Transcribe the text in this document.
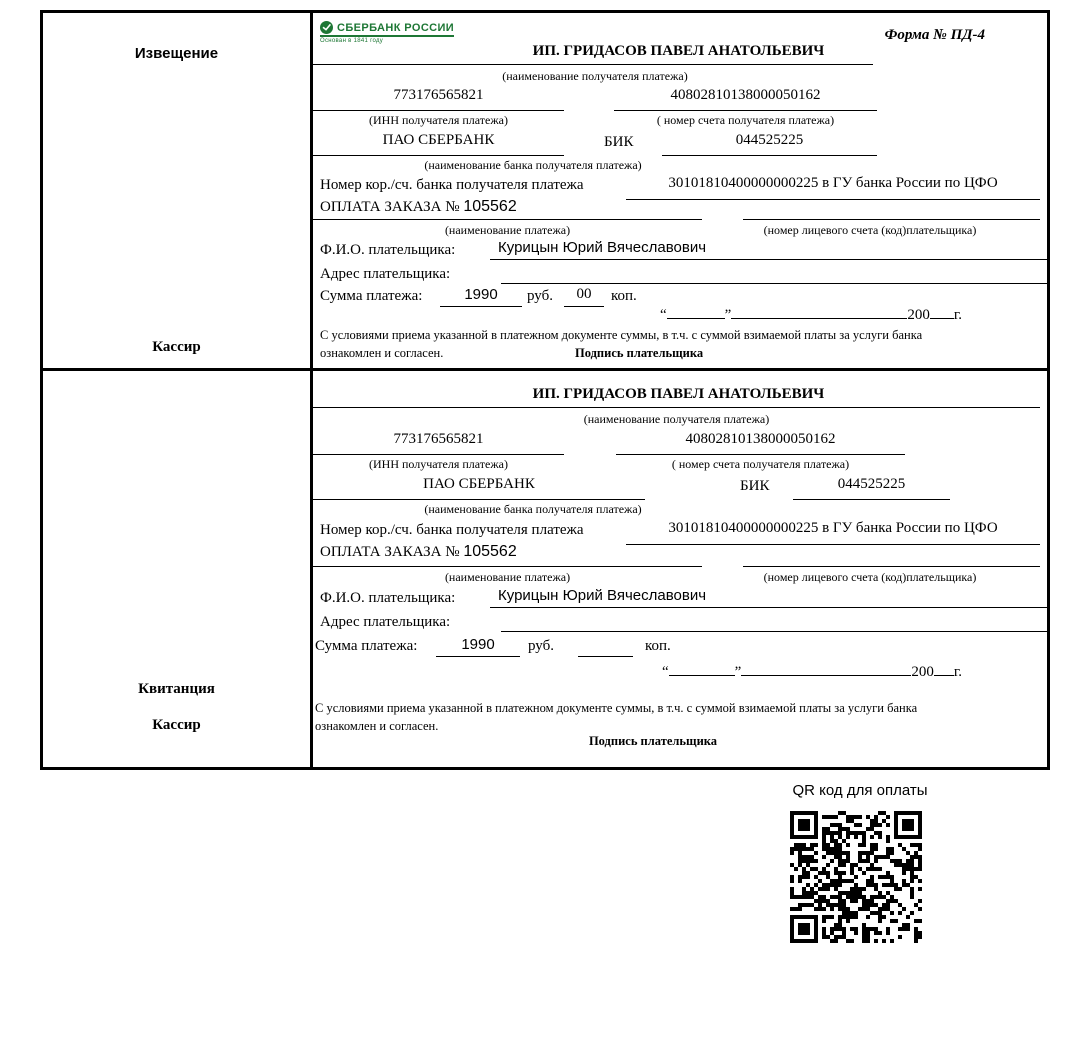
Извещение
Кассир
Квитанция
Кассир
СБЕРБАНК РОССИИ
Основан в 1841 году	Форма № ПД-4
ИП. ГРИДАСОВ ПАВЕЛ АНАТОЛЬЕВИЧ
(наименование получателя платежа)
773176565821	40802810138000050162
(ИНН получателя платежа)	( номер счета получателя платежа)
ПАО СБЕРБАНК	БИК	044525225
(наименование банка получателя платежа)
Номер кор./сч. банка получателя платежа	30101810400000000225 в ГУ банка России по ЦФО
ОПЛАТА ЗАКАЗА № 105562
(наименование платежа)	(номер лицевого счета (код)плательщика)
Ф.И.О. плательщика:	Курицын Юрий Вячеславович
Адрес плательщика:
Сумма платежа:	1990	руб.	00	коп.
“	”	200 г.
С условиями приема указанной в платежном документе суммы, в т.ч. с суммой взимаемой платы за услуги банка
ознакомлен и согласен.	Подпись плательщика
ИП. ГРИДАСОВ ПАВЕЛ АНАТОЛЬЕВИЧ
(наименование получателя платежа)
773176565821	40802810138000050162
(ИНН получателя платежа)	( номер счета получателя платежа)
ПАО СБЕРБАНК	БИК	044525225
(наименование банка получателя платежа)
Номер кор./сч. банка получателя платежа	30101810400000000225 в ГУ банка России по ЦФО
ОПЛАТА ЗАКАЗА № 105562
(наименование платежа)	(номер лицевого счета (код)плательщика)
Ф.И.О. плательщика:	Курицын Юрий Вячеславович
Адрес плательщика:
Сумма платежа:	1990	руб.	коп.
“	”	200 г.
С условиями приема указанной в платежном документе суммы, в т.ч. с суммой взимаемой платы за услуги банка
ознакомлен и согласен.
Подпись плательщика
QR код для оплаты
